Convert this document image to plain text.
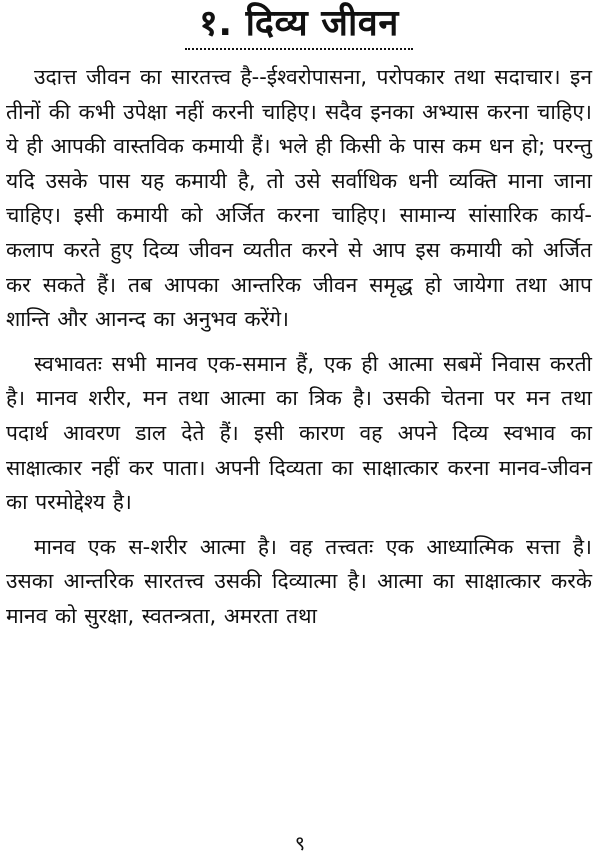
१. दिव्य जीवन

उदात्त जीवन का सारतत्त्व है--ईश्वरोपासना, परोपकार तथा सदाचार। इन तीनों की कभी उपेक्षा नहीं करनी चाहिए। सदैव इनका अभ्यास करना चाहिए। ये ही आपकी वास्तविक कमायी हैं। भले ही किसी के पास कम धन हो; परन्तु यदि उसके पास यह कमायी है, तो उसे सर्वाधिक धनी व्यक्ति माना जाना चाहिए। इसी कमायी को अर्जित करना चाहिए। सामान्य सांसारिक कार्य-कलाप करते हुए दिव्य जीवन व्यतीत करने से आप इस कमायी को अर्जित कर सकते हैं। तब आपका आन्तरिक जीवन समृद्ध हो जायेगा तथा आप शान्ति और आनन्द का अनुभव करेंगे।

स्वभावतः सभी मानव एक-समान हैं, एक ही आत्मा सबमें निवास करती है। मानव शरीर, मन तथा आत्मा का त्रिक है। उसकी चेतना पर मन तथा पदार्थ आवरण डाल देते हैं। इसी कारण वह अपने दिव्य स्वभाव का साक्षात्कार नहीं कर पाता। अपनी दिव्यता का साक्षात्कार करना मानव-जीवन का परमोद्देश्य है।

मानव एक स-शरीर आत्मा है। वह तत्त्वतः एक आध्यात्मिक सत्ता है। उसका आन्तरिक सारतत्त्व उसकी दिव्यात्मा है। आत्मा का साक्षात्कार करके मानव को सुरक्षा, स्वतन्त्रता, अमरता तथा

९
